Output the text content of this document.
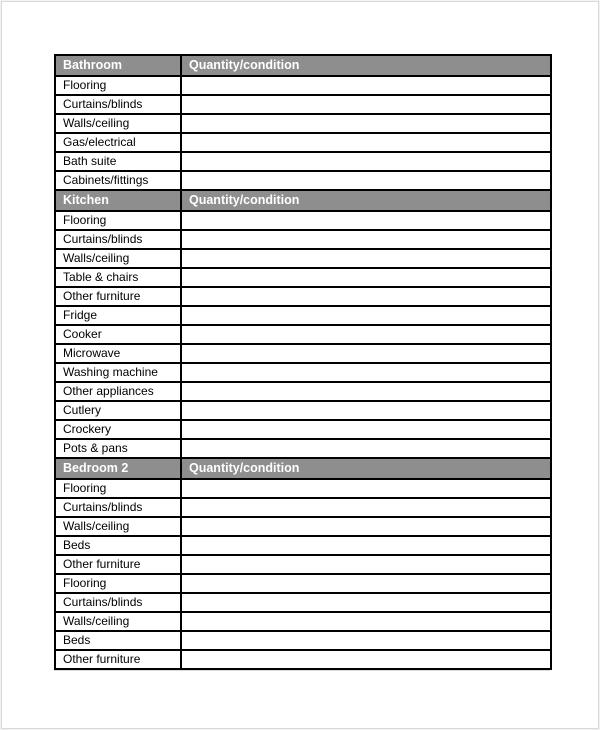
Bathroom	Quantity/condition
Flooring	
Curtains/blinds	
Walls/ceiling	
Gas/electrical	
Bath suite	
Cabinets/fittings	
Kitchen	Quantity/condition
Flooring	
Curtains/blinds	
Walls/ceiling	
Table & chairs	
Other furniture	
Fridge	
Cooker	
Microwave	
Washing machine	
Other appliances	
Cutlery	
Crockery	
Pots & pans	
Bedroom 2	Quantity/condition
Flooring	
Curtains/blinds	
Walls/ceiling	
Beds	
Other furniture	
Flooring	
Curtains/blinds	
Walls/ceiling	
Beds	
Other furniture	
